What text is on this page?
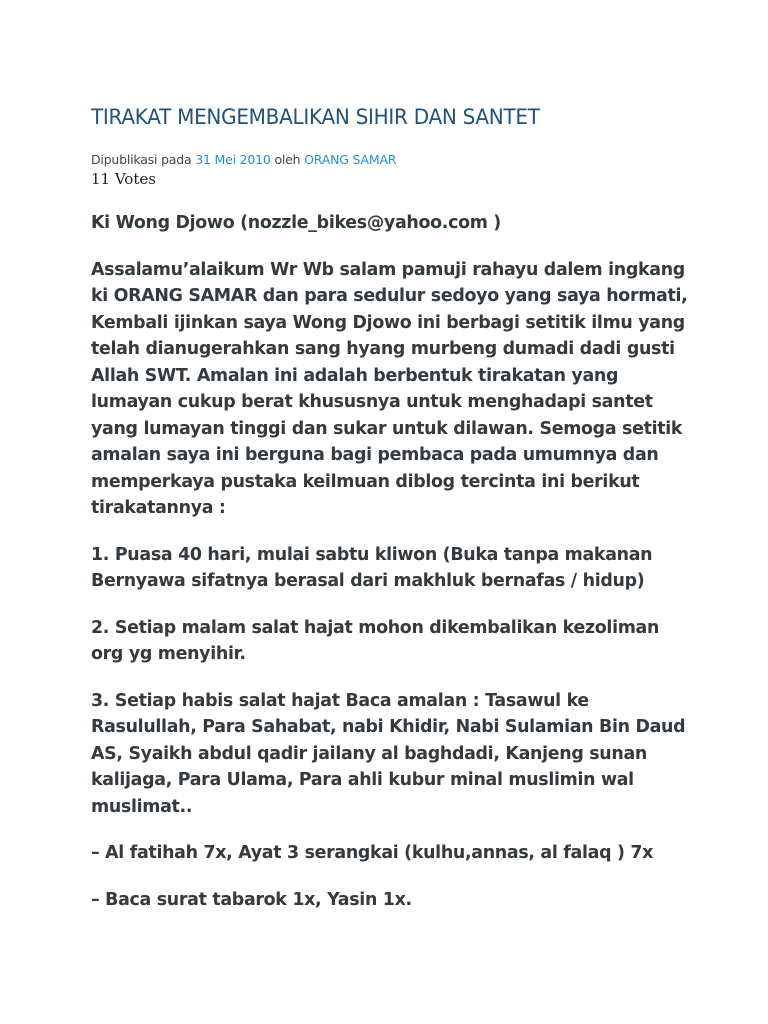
TIRAKAT MENGEMBALIKAN SIHIR DAN SANTET
Dipublikasi pada 31 Mei 2010 oleh ORANG SAMAR
11 Votes

Ki Wong Djowo (nozzle_bikes@yahoo.com )

Assalamu’alaikum Wr Wb salam pamuji rahayu dalem ingkang
ki ORANG SAMAR dan para sedulur sedoyo yang saya hormati,
Kembali ijinkan saya Wong Djowo ini berbagi setitik ilmu yang
telah dianugerahkan sang hyang murbeng dumadi dadi gusti
Allah SWT. Amalan ini adalah berbentuk tirakatan yang
lumayan cukup berat khususnya untuk menghadapi santet
yang lumayan tinggi dan sukar untuk dilawan. Semoga setitik
amalan saya ini berguna bagi pembaca pada umumnya dan
memperkaya pustaka keilmuan diblog tercinta ini berikut
tirakatannya :

1. Puasa 40 hari, mulai sabtu kliwon (Buka tanpa makanan
Bernyawa sifatnya berasal dari makhluk bernafas / hidup)

2. Setiap malam salat hajat mohon dikembalikan kezoliman
org yg menyihir.

3. Setiap habis salat hajat Baca amalan : Tasawul ke
Rasulullah, Para Sahabat, nabi Khidir, Nabi Sulamian Bin Daud
AS, Syaikh abdul qadir jailany al baghdadi, Kanjeng sunan
kalijaga, Para Ulama, Para ahli kubur minal muslimin wal
muslimat..

– Al fatihah 7x, Ayat 3 serangkai (kulhu,annas, al falaq ) 7x

– Baca surat tabarok 1x, Yasin 1x.
